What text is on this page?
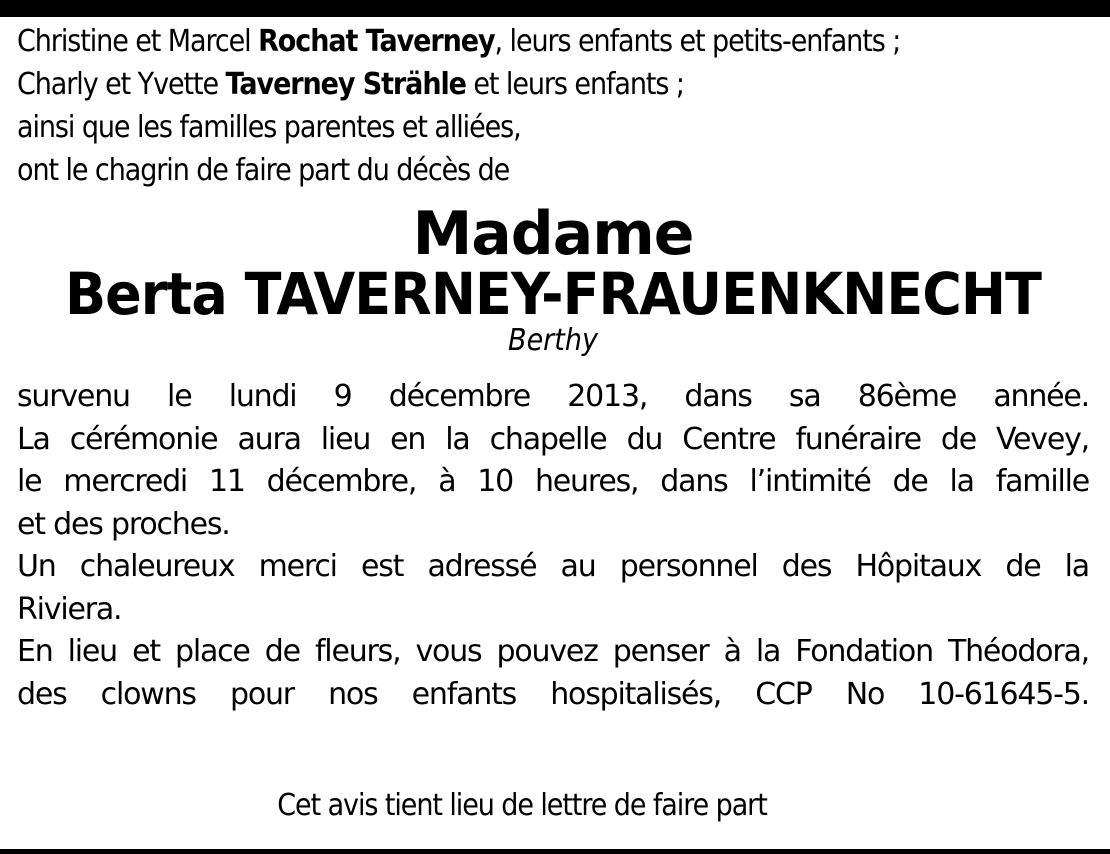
Christine et Marcel Rochat Taverney, leurs enfants et petits-enfants ;
Charly et Yvette Taverney Strähle et leurs enfants ;
ainsi que les familles parentes et alliées,
ont le chagrin de faire part du décès de
Madame
Berta TAVERNEY-FRAUENKNECHT
Berthy
survenu le lundi 9 décembre 2013, dans sa 86ème année.
La cérémonie aura lieu en la chapelle du Centre funéraire de Vevey,
le mercredi 11 décembre, à 10 heures, dans l’intimité de la famille
et des proches.
Un chaleureux merci est adressé au personnel des Hôpitaux de la
Riviera.
En lieu et place de fleurs, vous pouvez penser à la Fondation Théodora,
des clowns pour nos enfants hospitalisés, CCP No 10-61645-5.
Cet avis tient lieu de lettre de faire part
